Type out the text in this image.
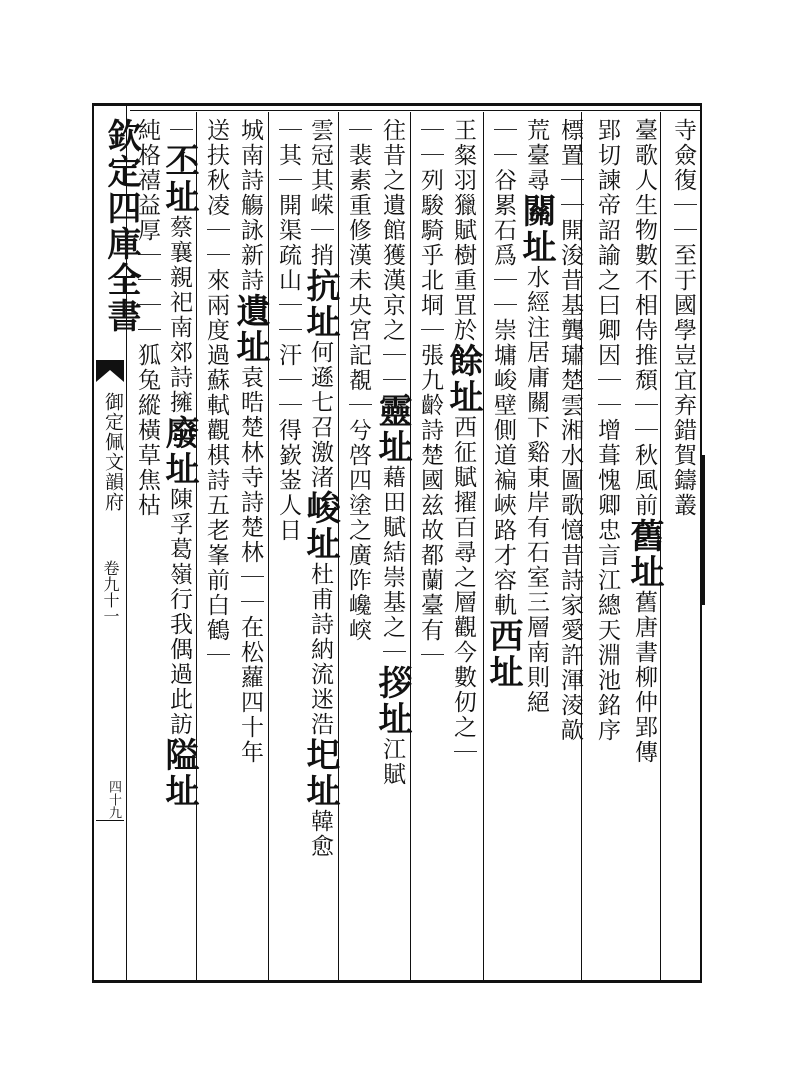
欽定四庫全書
御定佩文韻府
卷九十一
四十九
寺僉復｜｜至于國學豈宜弃錯賀鑄叢
臺歌人生物數不相侍推頹｜｜秋風前舊址舊唐書柳仲郢傳
郢切諫帝詔諭之曰卿因｜｜增葺愧卿忠言江總天淵池銘序
標置｜｜開浚昔基龔璛楚雲湘水圖歌憶昔詩家愛許渾淩歊
荒臺尋關址水經注居庸關下谿東岸有石室三層南則絕
｜｜谷累石爲｜｜崇墉峻壁側道褊峽路才容軌西址
王粲羽獵賦樹重罝於餘址西征賦擢百尋之層觀今數仞之｜
｜｜列駿騎乎北垌｜張九齡詩楚國兹故都蘭臺有｜
往昔之遺館獲漢京之｜｜靈址藉田賦結崇基之｜拶址江賦
｜裴素重修漢未央宮記覩｜兮啓四塗之廣阼巉㟮
雲冠其嵘｜捎抗址何遜七召激渚峻址杜甫詩納流迷浩圯址韓愈
｜其｜開渠疏山｜｜汗｜｜得嶔崟人日
城南詩觴詠新詩遺址袁晧楚林寺詩楚林｜｜在松蘿四十年
送扶秋凌｜｜來兩度過蘇軾觀棋詩五老峯前白鶴｜
｜丕址蔡襄親祀南郊詩擁廢址陳孚葛嶺行我偶過此訪隘址
純格禧益厚｜｜｜｜狐兔縱橫草焦枯
